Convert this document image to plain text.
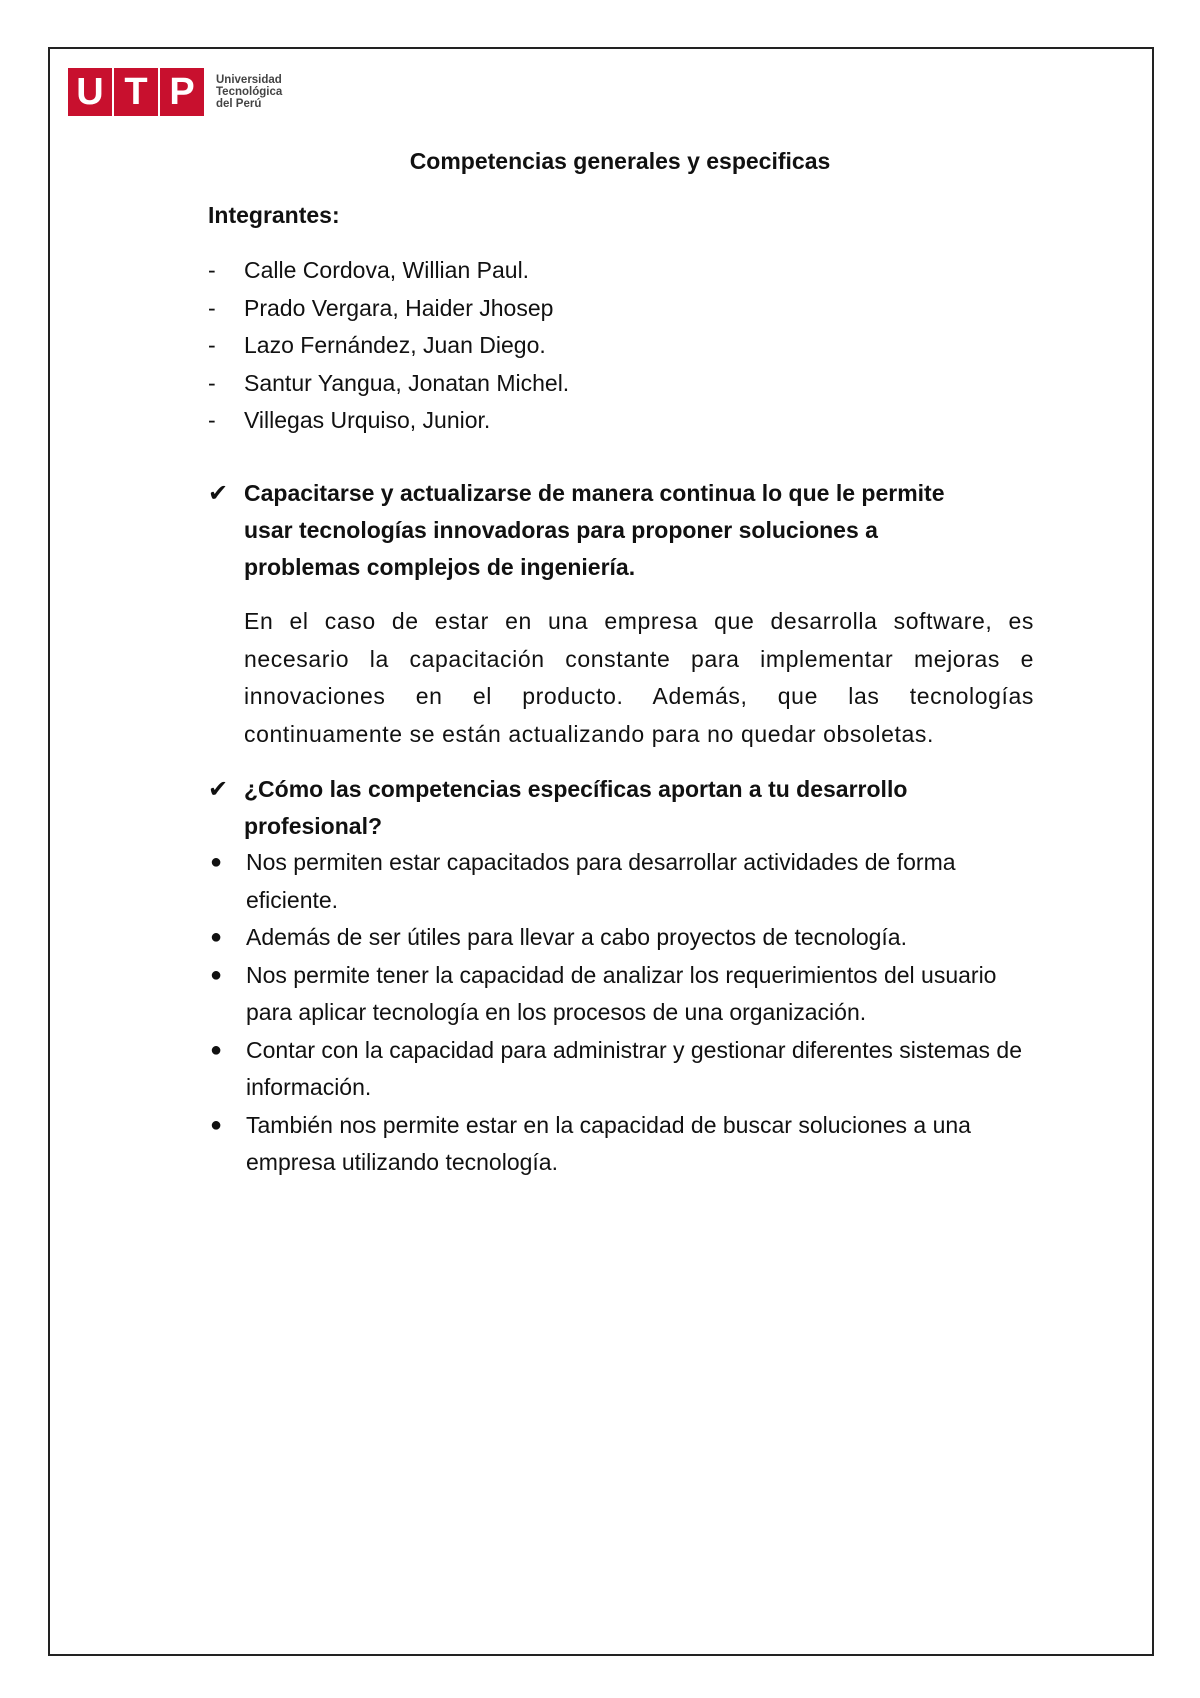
U T P	Universidad
Tecnológica
del Perú
Competencias generales y especificas
Integrantes:
-	Calle Cordova, Willian Paul.
-	Prado Vergara, Haider Jhosep
-	Lazo Fernández, Juan Diego.
-	Santur Yangua, Jonatan Michel.
-	Villegas Urquiso, Junior.
✔ Capacitarse y actualizarse de manera continua lo que le permite usar tecnologías innovadoras para proponer soluciones a problemas complejos de ingeniería.
En el caso de estar en una empresa que desarrolla software, es necesario la capacitación constante para implementar mejoras e innovaciones en el producto. Además, que las tecnologías continuamente se están actualizando para no quedar obsoletas.
✔ ¿Cómo las competencias específicas aportan a tu desarrollo profesional?
●	Nos permiten estar capacitados para desarrollar actividades de forma eficiente.
●	Además de ser útiles para llevar a cabo proyectos de tecnología.
●	Nos permite tener la capacidad de analizar los requerimientos del usuario para aplicar tecnología en los procesos de una organización.
●	Contar con la capacidad para administrar y gestionar diferentes sistemas de información.
●	También nos permite estar en la capacidad de buscar soluciones a una empresa utilizando tecnología.
